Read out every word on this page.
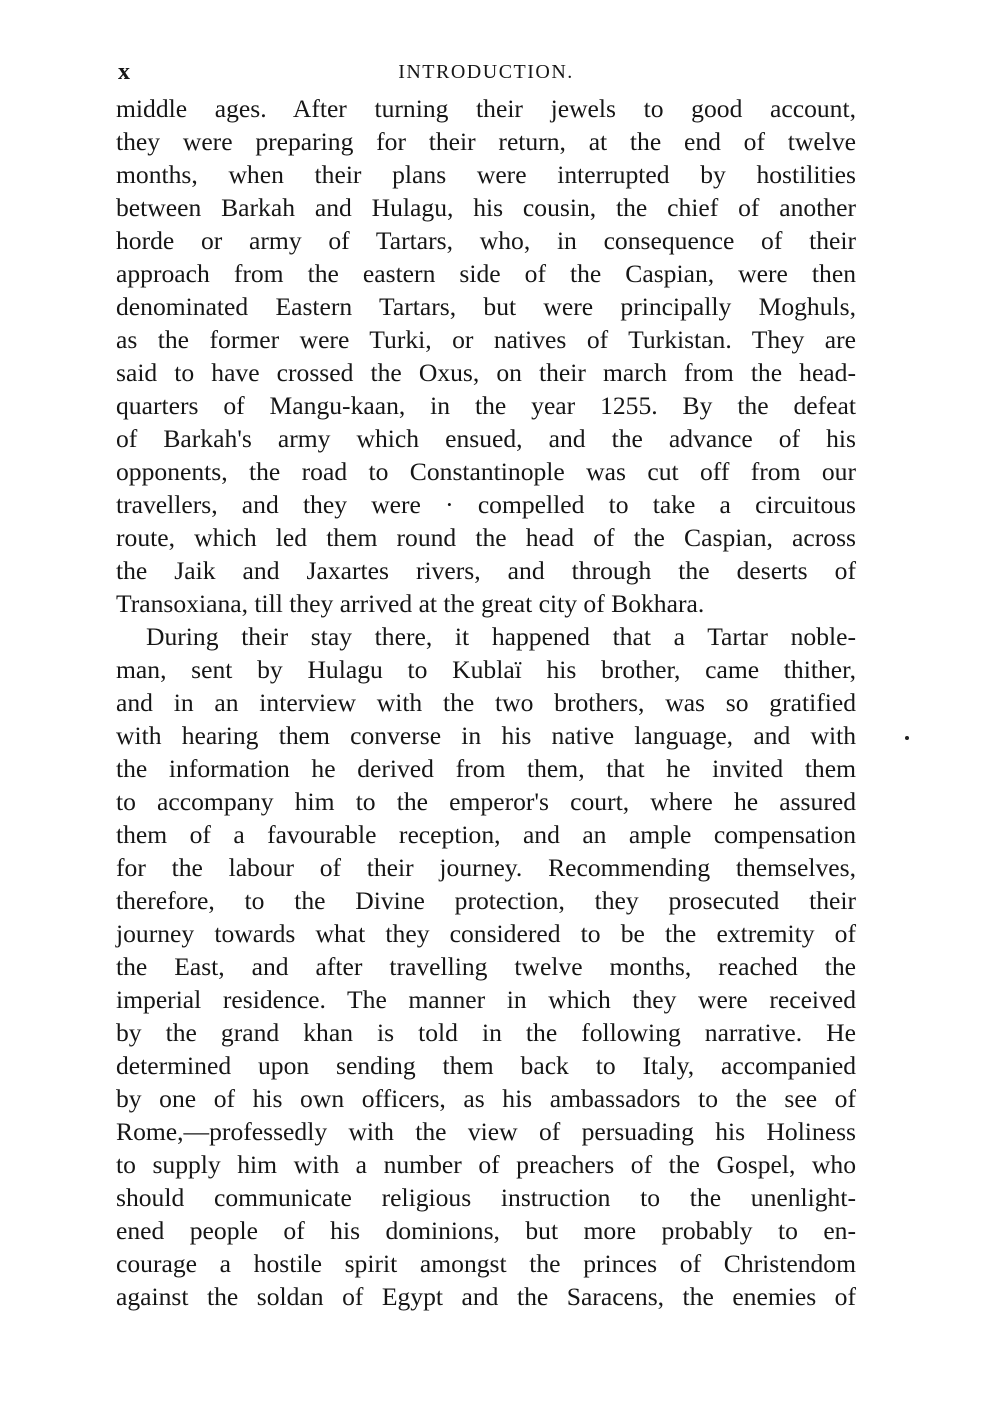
x	INTRODUCTION.
middle ages. After turning their jewels to good account,
they were preparing for their return, at the end of twelve
months, when their plans were interrupted by hostilities
between Barkah and Hulagu, his cousin, the chief of another
horde or army of Tartars, who, in consequence of their
approach from the eastern side of the Caspian, were then
denominated Eastern Tartars, but were principally Moghuls,
as the former were Turki, or natives of Turkistan. They are
said to have crossed the Oxus, on their march from the head-
quarters of Mangu-kaan, in the year 1255. By the defeat
of Barkah's army which ensued, and the advance of his
opponents, the road to Constantinople was cut off from our
travellers, and they were · compelled to take a circuitous
route, which led them round the head of the Caspian, across
the Jaik and Jaxartes rivers, and through the deserts of
Transoxiana, till they arrived at the great city of Bokhara.
During their stay there, it happened that a Tartar noble-
man, sent by Hulagu to Kublaï his brother, came thither,
and in an interview with the two brothers, was so gratified
with hearing them converse in his native language, and with
the information he derived from them, that he invited them
to accompany him to the emperor's court, where he assured
them of a favourable reception, and an ample compensation
for the labour of their journey. Recommending themselves,
therefore, to the Divine protection, they prosecuted their
journey towards what they considered to be the extremity of
the East, and after travelling twelve months, reached the
imperial residence. The manner in which they were received
by the grand khan is told in the following narrative. He
determined upon sending them back to Italy, accompanied
by one of his own officers, as his ambassadors to the see of
Rome,—professedly with the view of persuading his Holiness
to supply him with a number of preachers of the Gospel, who
should communicate religious instruction to the unenlight-
ened people of his dominions, but more probably to en-
courage a hostile spirit amongst the princes of Christendom
against the soldan of Egypt and the Saracens, the enemies of
